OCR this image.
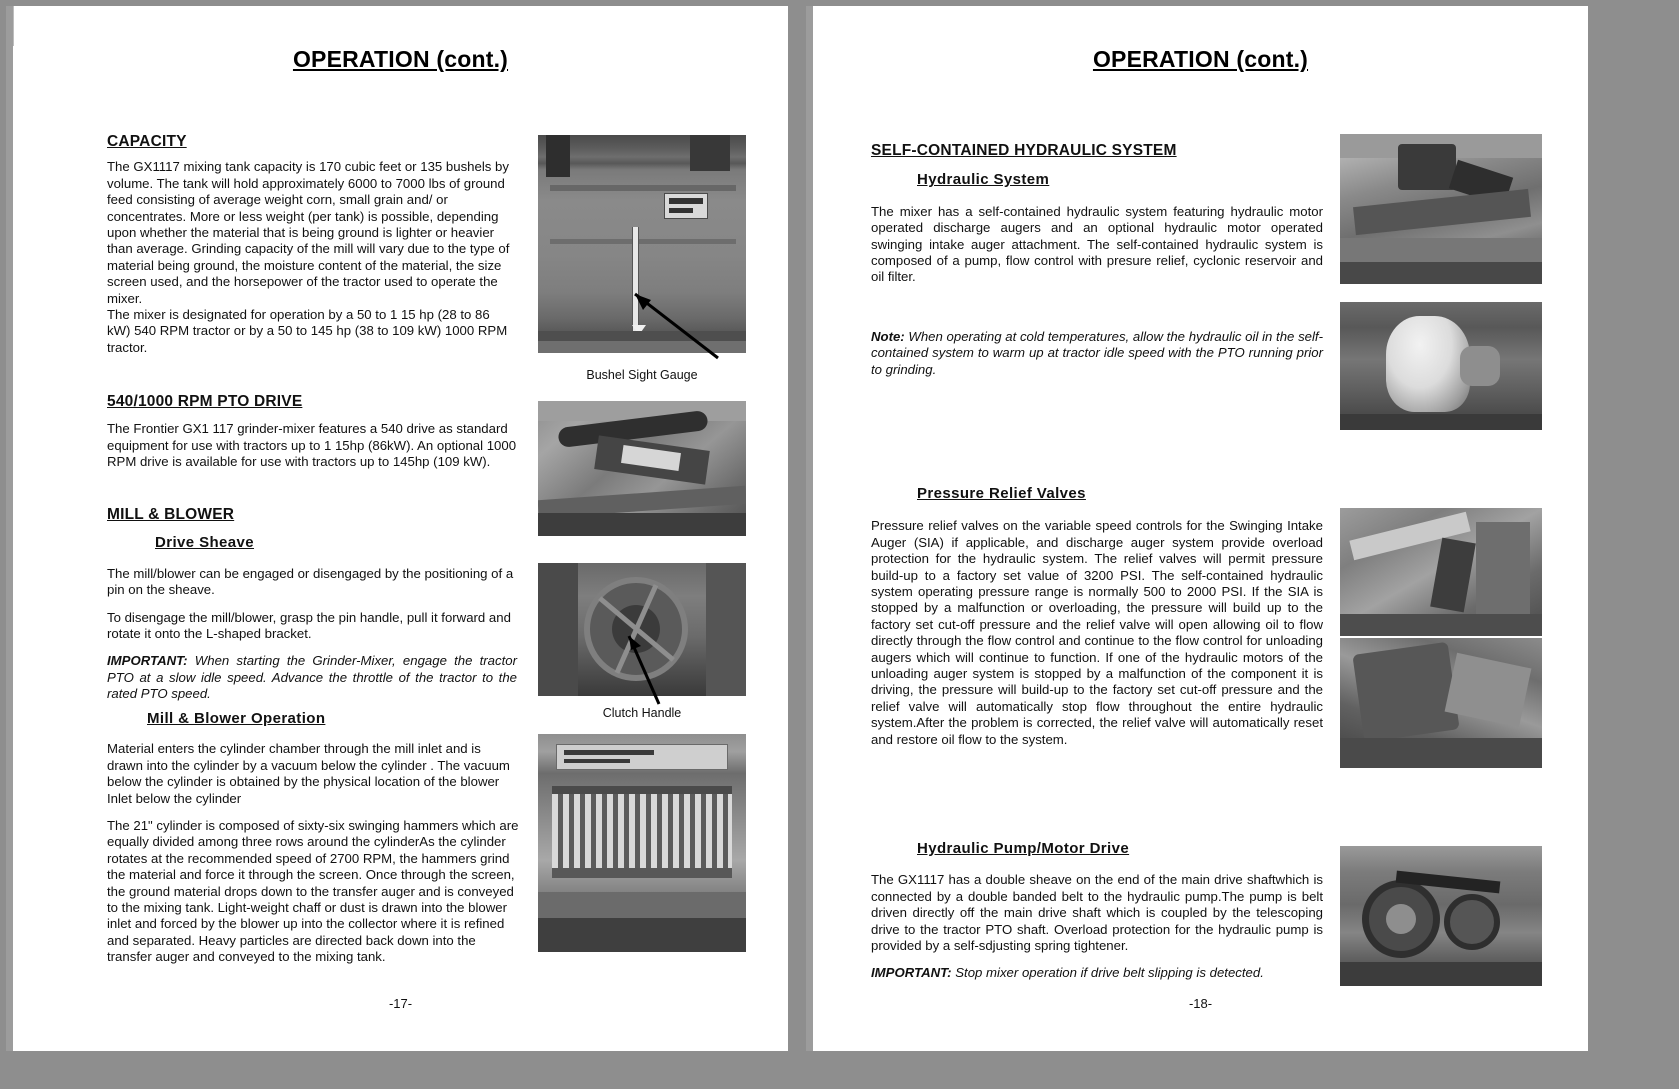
OPERATION (cont.)
CAPACITY

The GX1117 mixing tank capacity is 170 cubic feet or 135 bushels by volume. The tank will hold approximately 6000 to 7000 lbs of ground feed consisting of average weight corn, small grain and/ or concentrates. More or less weight (per tank) is possible, depending upon whether the material that is being ground is lighter or heavier than average. Grinding capacity of the mill will vary due to the type of material being ground, the moisture content of the material, the size screen used, and the horsepower of the tractor used to operate the mixer.

The mixer is designated for operation by a 50 to 1 15 hp (28 to 86 kW) 540 RPM tractor or by a 50 to 145 hp (38 to 109 kW) 1000 RPM tractor.

540/1000 RPM PTO DRIVE

The Frontier GX1 117 grinder-mixer features a 540 drive as standard equipment for use with tractors up to 1 15hp (86kW). An optional 1000 RPM drive is available for use with tractors up to 145hp (109 kW).

MILL & BLOWER
Drive Sheave

The mill/blower can be engaged or disengaged by the positioning of a pin on the sheave.

To disengage the mill/blower, grasp the pin handle, pull it forward and rotate it onto the L-shaped bracket.

IMPORTANT: When starting the Grinder-Mixer, engage the tractor PTO at a slow idle speed. Advance the throttle of the tractor to the rated PTO speed.

Mill & Blower Operation

Material enters the cylinder chamber through the mill inlet and is drawn into the cylinder by a vacuum below the cylinder . The vacuum below the cylinder is obtained by the physical location of the blower Inlet below the cylinder

The 21" cylinder is composed of sixty-six swinging hammers which are equally divided among three rows around the cylinderAs the cylinder rotates at the recommended speed of 2700 RPM, the hammers grind the material and force it through the screen. Once through the screen, the ground material drops down to the transfer auger and is conveyed to the mixing tank. Light-weight chaff or dust is drawn into the blower inlet and forced by the blower up into the collector where it is refined and separated. Heavy particles are directed back down into the transfer auger and conveyed to the mixing tank.

Bushel Sight Gauge
Clutch Handle
-17-
OPERATION (cont.)
SELF-CONTAINED HYDRAULIC SYSTEM
Hydraulic System

The mixer has a self-contained hydraulic system featuring hydraulic motor operated discharge augers and an optional hydraulic motor operated swinging intake auger attachment. The self-contained hydraulic system is composed of a pump, flow control with presure relief, cyclonic reservoir and oil filter.

Note: When operating at cold temperatures, allow the hydraulic oil in the self-contained system to warm up at tractor idle speed with the PTO running prior to grinding.

Pressure Relief Valves

Pressure relief valves on the variable speed controls for the Swinging Intake Auger (SIA) if applicable, and discharge auger system provide overload protection for the hydraulic system. The relief valves will permit pressure build-up to a factory set value of 3200 PSI. The self-contained hydraulic system operating pressure range is normally 500 to 2000 PSI. If the SIA is stopped by a malfunction or overloading, the pressure will build up to the factory set cut-off pressure and the relief valve will open allowing oil to flow directly through the flow control and continue to the flow control for unloading augers which will continue to function. If one of the hydraulic motors of the unloading auger system is stopped by a malfunction of the component it is driving, the pressure will build-up to the factory set cut-off pressure and the relief valve will automatically stop flow throughout the entire hydraulic system.After the problem is corrected, the relief valve will automatically reset and restore oil flow to the system.

Hydraulic Pump/Motor Drive

The GX1117 has a double sheave on the end of the main drive shaftwhich is connected by a double banded belt to the hydraulic pump.The pump is belt driven directly off the main drive shaft which is coupled by the telescoping drive to the tractor PTO shaft. Overload protection for the hydraulic pump is provided by a self-sdjusting spring tightener.

IMPORTANT: Stop mixer operation if drive belt slipping is detected.

-18-
